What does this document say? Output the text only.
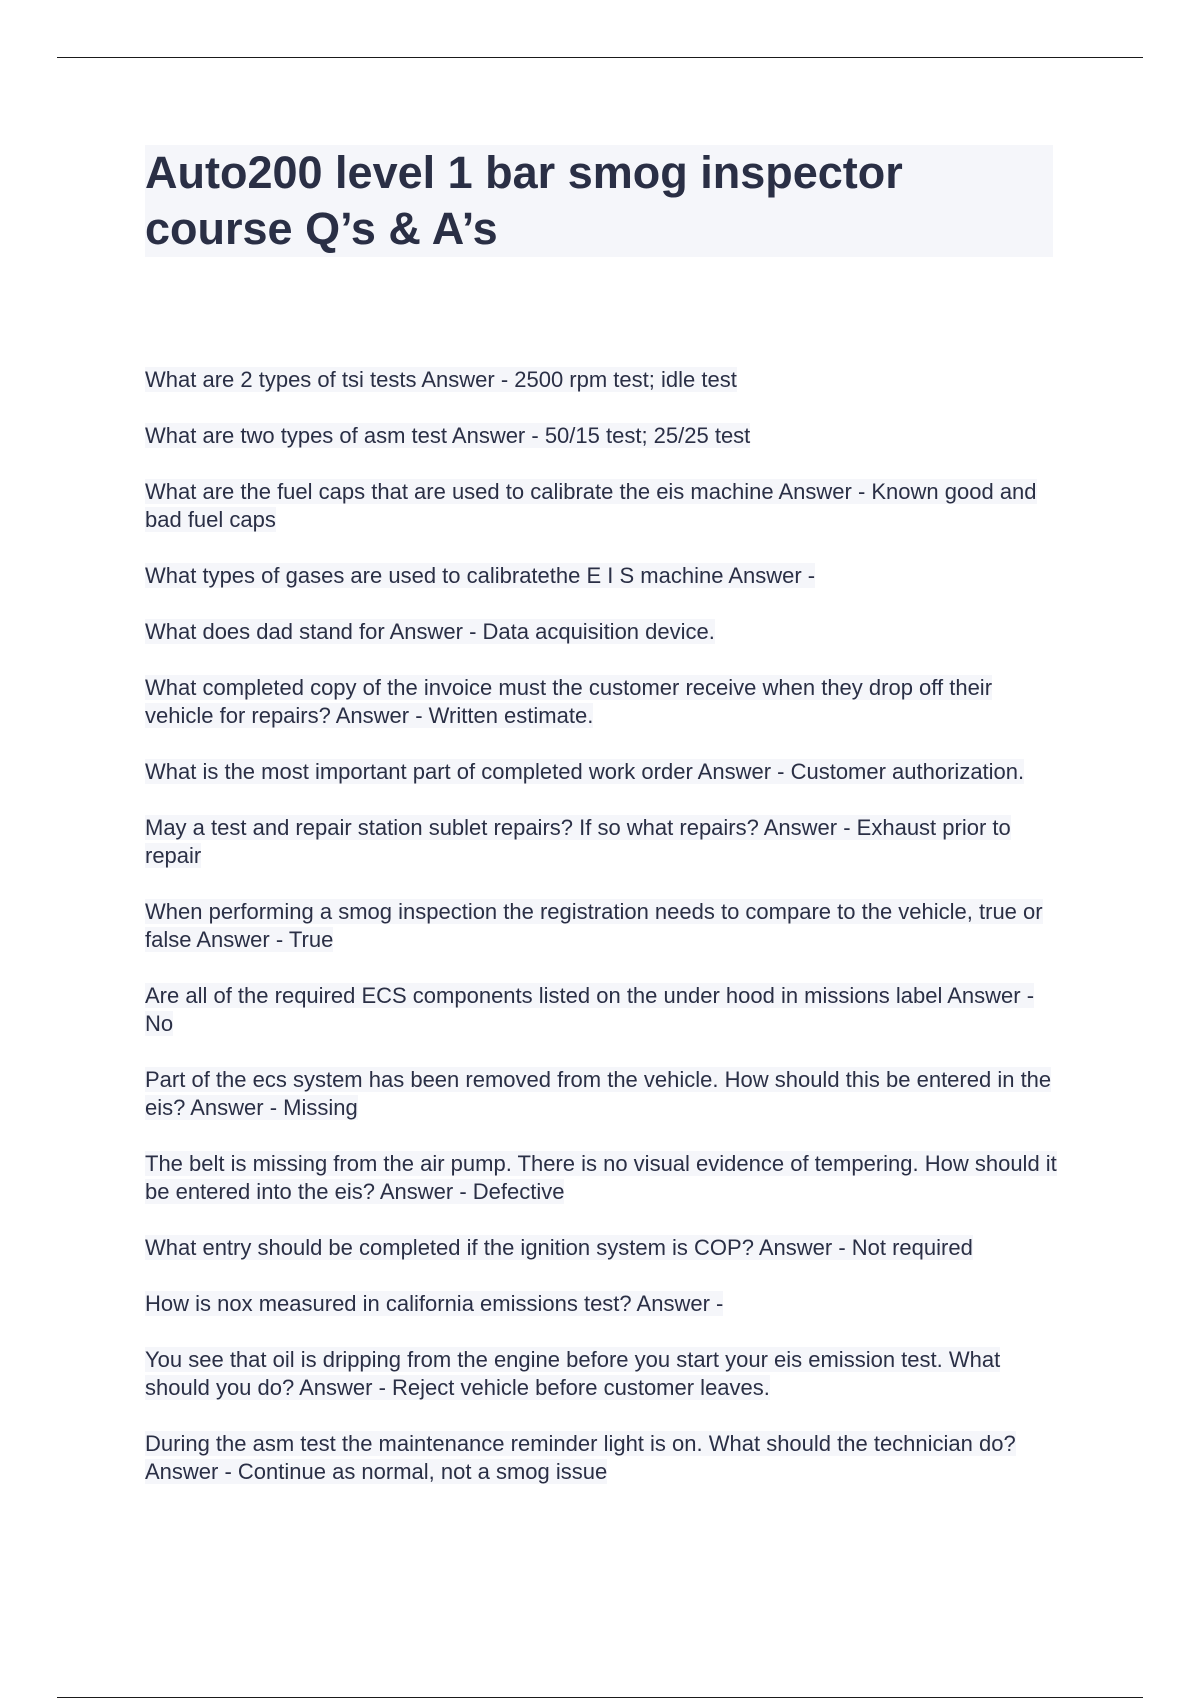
Auto200 level 1 bar smog inspector
course Q’s & A’s
What are 2 types of tsi tests Answer - 2500 rpm test; idle test
What are two types of asm test Answer - 50/15 test; 25/25 test
What are the fuel caps that are used to calibrate the eis machine Answer - Known good and bad fuel caps
What types of gases are used to calibratethe E I S machine Answer -
What does dad stand for Answer - Data acquisition device.
What completed copy of the invoice must the customer receive when they drop off their vehicle for repairs? Answer - Written estimate.
What is the most important part of completed work order Answer - Customer authorization.
May a test and repair station sublet repairs? If so what repairs? Answer - Exhaust prior to repair
When performing a smog inspection the registration needs to compare to the vehicle, true or false Answer - True
Are all of the required ECS components listed on the under hood in missions label Answer - No
Part of the ecs system has been removed from the vehicle. How should this be entered in the eis? Answer - Missing
The belt is missing from the air pump. There is no visual evidence of tempering. How should it be entered into the eis? Answer - Defective
What entry should be completed if the ignition system is COP? Answer - Not required
How is nox measured in california emissions test? Answer -
You see that oil is dripping from the engine before you start your eis emission test. What should you do? Answer - Reject vehicle before customer leaves.
During the asm test the maintenance reminder light is on. What should the technician do? Answer - Continue as normal, not a smog issue
